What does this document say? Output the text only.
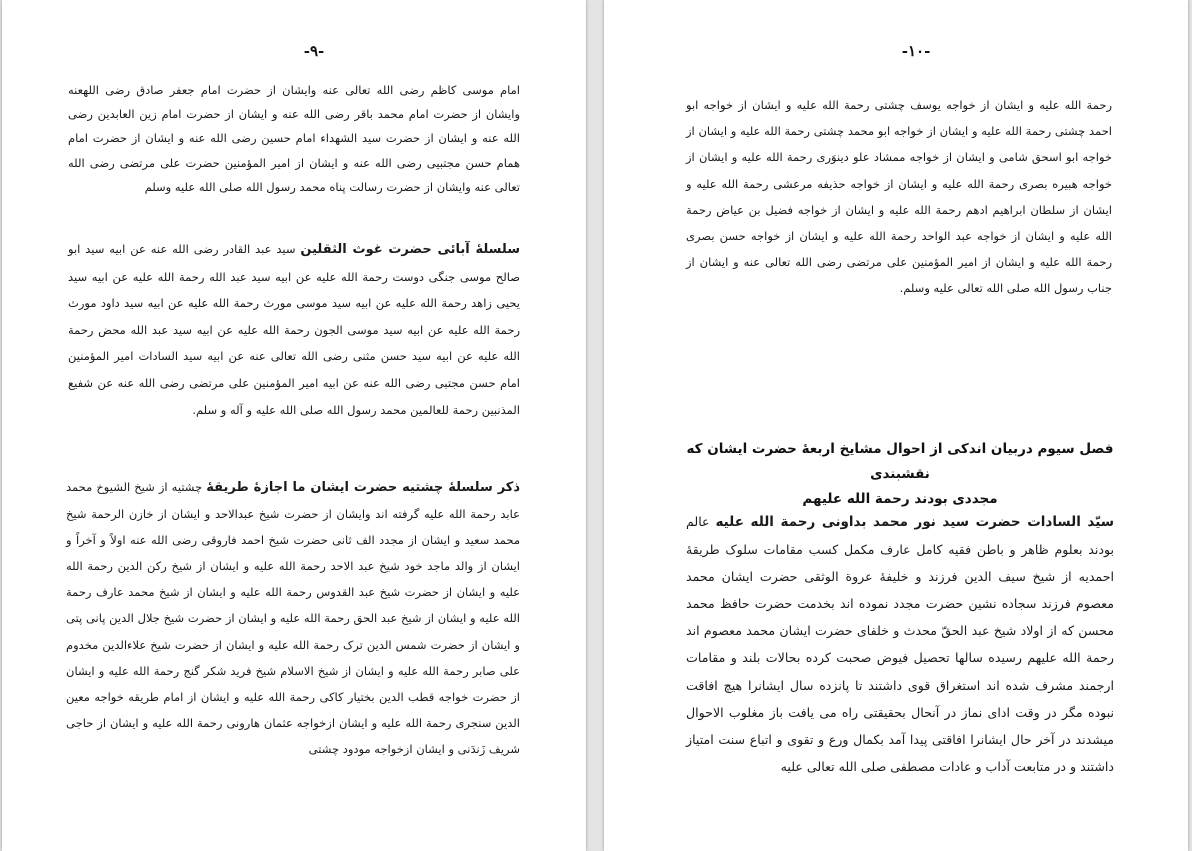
-۹-

امام موسی کاظم رضی الله تعالی عنه وایشان از حضرت امام جعفر صادق رضی اللهعنه وایشان از حضرت امام محمد باقر رضی الله عنه و ایشان از حضرت امام زین العابدین رضی الله عنه و ایشان از حضرت سید الشهداء امام حسین رضی الله عنه و ایشان از حضرت امام همام حسن مجتبیی رضی الله عنه و ایشان از امیر المؤمنین حضرت علی مرتضی رضی الله تعالی عنه وایشان از حضرت رسالت پناه محمد رسول الله صلی الله علیه وسلم

سلسلهٔ آبائی حضرت غوث الثقلین سید عبد القادر رضی الله عنه عن ابیه سید ابو صالح موسی جنگی دوست رحمة الله علیه عن ابیه سید عبد الله رحمة الله علیه عن ابیه سید یحیی زاهد رحمة الله علیه عن ابیه سید موسی مورث رحمة الله علیه عن ابیه سید داود مورث رحمة الله علیه عن ابیه سید موسی الجون رحمة الله علیه عن ابیه سید عبد الله محض رحمة الله علیه عن ابیه سید حسن مثنی رضی الله تعالی عنه عن ابیه سید السادات امیر المؤمنین امام حسن مجتبی رضی الله عنه عن ابیه امیر المؤمنین علی مرتضی رضی الله عنه عن شفیع المذنبین رحمة للعالمین محمد رسول الله صلی الله علیه و آله و سلم.

ذکر سلسلهٔ چشتیه حضرت ایشان ما اجازهٔ طریقهٔ چشتیه از شیخ الشیوخ محمد عابد رحمة الله علیه گرفته اند وایشان از حضرت شیخ عبدالاحد و ایشان از خازن الرحمة شیخ محمد سعید و ایشان از مجدد الف ثانی حضرت شیخ احمد فاروقی رضی الله عنه اولاً و آخراً و ایشان از والد ماجد خود شیخ عبد الاحد رحمة الله علیه و ایشان از شیخ رکن الدین رحمة الله علیه و ایشان از حضرت شیخ عبد القدوس رحمة الله علیه و ایشان از شیخ محمد عارف رحمة الله علیه و ایشان از شیخ عبد الحق رحمة الله علیه و ایشان از حضرت شیخ جلال الدین پانی پتی و ایشان از حضرت شمس الدین ترک رحمة الله علیه و ایشان از حضرت شیخ علاءالدین مخدوم علی صابر رحمة الله علیه و ایشان از شیخ الاسلام شیخ فرید شکر گنج رحمة الله علیه و ایشان از حضرت خواجه قطب الدین بختیار کاکی رحمة الله علیه و ایشان از امام طریقه خواجه معین الدین سنجری رحمة الله علیه و ایشان ازخواجه عثمان هارونی رحمة الله علیه و ایشان از حاجی شریف زَندَنی و ایشان ازخواجه مودود چشتی

-۱۰-

رحمة الله علیه و ایشان از خواجه یوسف چشتی رحمة الله علیه و ایشان از خواجه ابو احمد چشتی رحمة الله علیه و ایشان از خواجه ابو محمد چشتی رحمة الله علیه و ایشان از خواجه ابو اسحق شامی و ایشان از خواجه ممشاد علو دینوَری رحمة الله علیه و ایشان از خواجه هبیره بصری رحمة الله علیه و ایشان از خواجه حذیفه مرعشی رحمة الله علیه و ایشان از سلطان ابراهیم ادهم رحمة الله علیه و ایشان از خواجه فضیل بن عیاض رحمة الله علیه و ایشان از خواجه عبد الواحد رحمة الله علیه و ایشان از خواجه حسن بصری رحمة الله علیه و ایشان از امیر المؤمنین علی مرتضی رضی الله تعالی عنه و ایشان از جناب رسول الله صلی الله تعالی علیه وسلم.

فصل سیوم دربیان اندکی از احوال مشایخ اربعهٔ حضرت ایشان که نقشبندی
مجددی بودند رحمة الله علیهم

سیّد السادات حضرت سید نور محمد بداونی رحمة الله علیه عالم بودند بعلوم ظاهر و باطن فقیه کامل عارف مکمل کسب مقامات سلوک طریقهٔ احمدیه از شیخ سیف الدین فرزند و خلیفهٔ عروة الوثقی حضرت ایشان محمد معصوم فرزند سجاده نشین حضرت مجدد نموده اند بخدمت حضرت حافظ محمد محسن که از اولاد شیخ عبد الحقّ محدث و خلفای حضرت ایشان محمد معصوم اند رحمة الله علیهم رسیده سالها تحصیل فیوض صحبت کرده بحالات بلند و مقامات ارجمند مشرف شده اند استغراق قوی داشتند تا پانزده سال ایشانرا هیچ افاقت نبوده مگر در وقت ادای نماز در آنحال بحقیقتی راه می یافت باز مغلوب الاحوال میشدند در آخر حال ایشانرا افاقتی پیدا آمد بکمال ورع و تقوی و اتباع سنت امتیاز داشتند و در متابعت آداب و عادات مصطفی صلی الله تعالی علیه
